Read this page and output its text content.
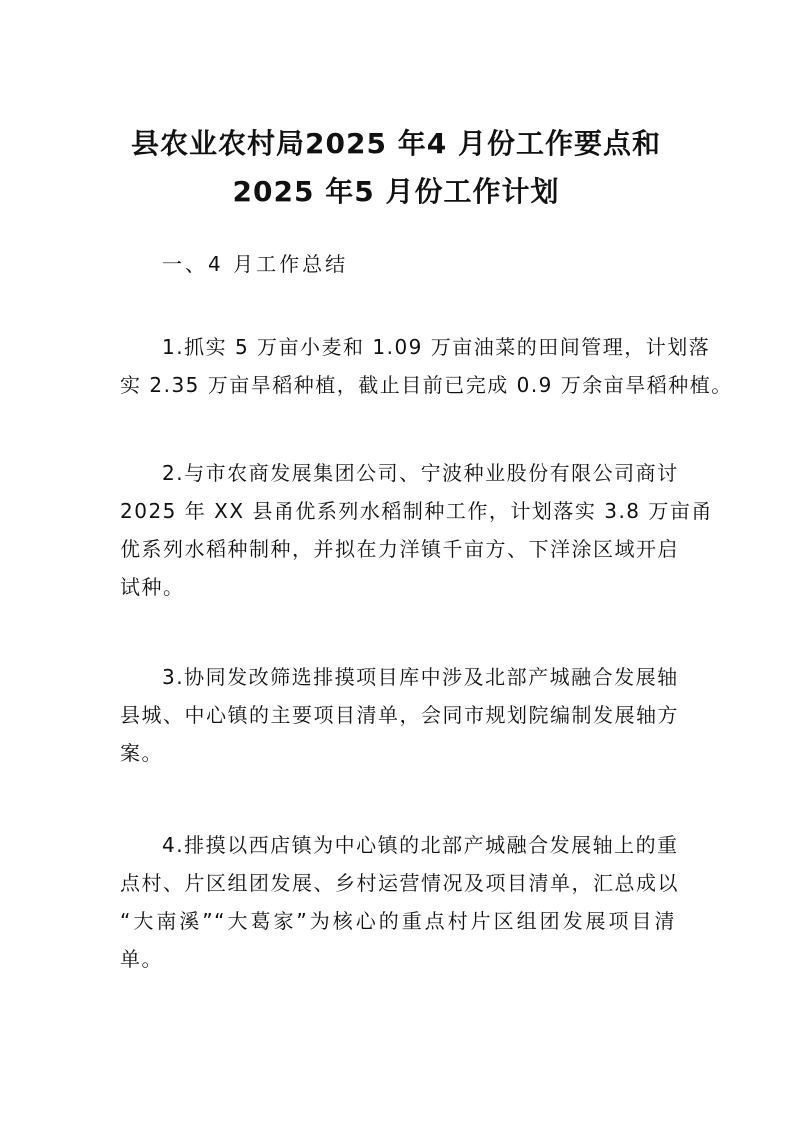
县农业农村局2025 年4 月份工作要点和
2025 年5 月份工作计划
一、4 月工作总结
1.抓实 5 万亩小麦和 1.09 万亩油菜的田间管理，计划落
实 2.35 万亩旱稻种植，截止目前已完成 0.9 万余亩旱稻种植。
2.与市农商发展集团公司、宁波种业股份有限公司商讨
2025 年 XX 县甬优系列水稻制种工作，计划落实 3.8 万亩甬
优系列水稻种制种，并拟在力洋镇千亩方、下洋涂区域开启
试种。
3.协同发改筛选排摸项目库中涉及北部产城融合发展轴
县城、中心镇的主要项目清单，会同市规划院编制发展轴方
案。
4.排摸以西店镇为中心镇的北部产城融合发展轴上的重
点村、片区组团发展、乡村运营情况及项目清单，汇总成以
“大南溪”“大葛家”为核心的重点村片区组团发展项目清
单。
